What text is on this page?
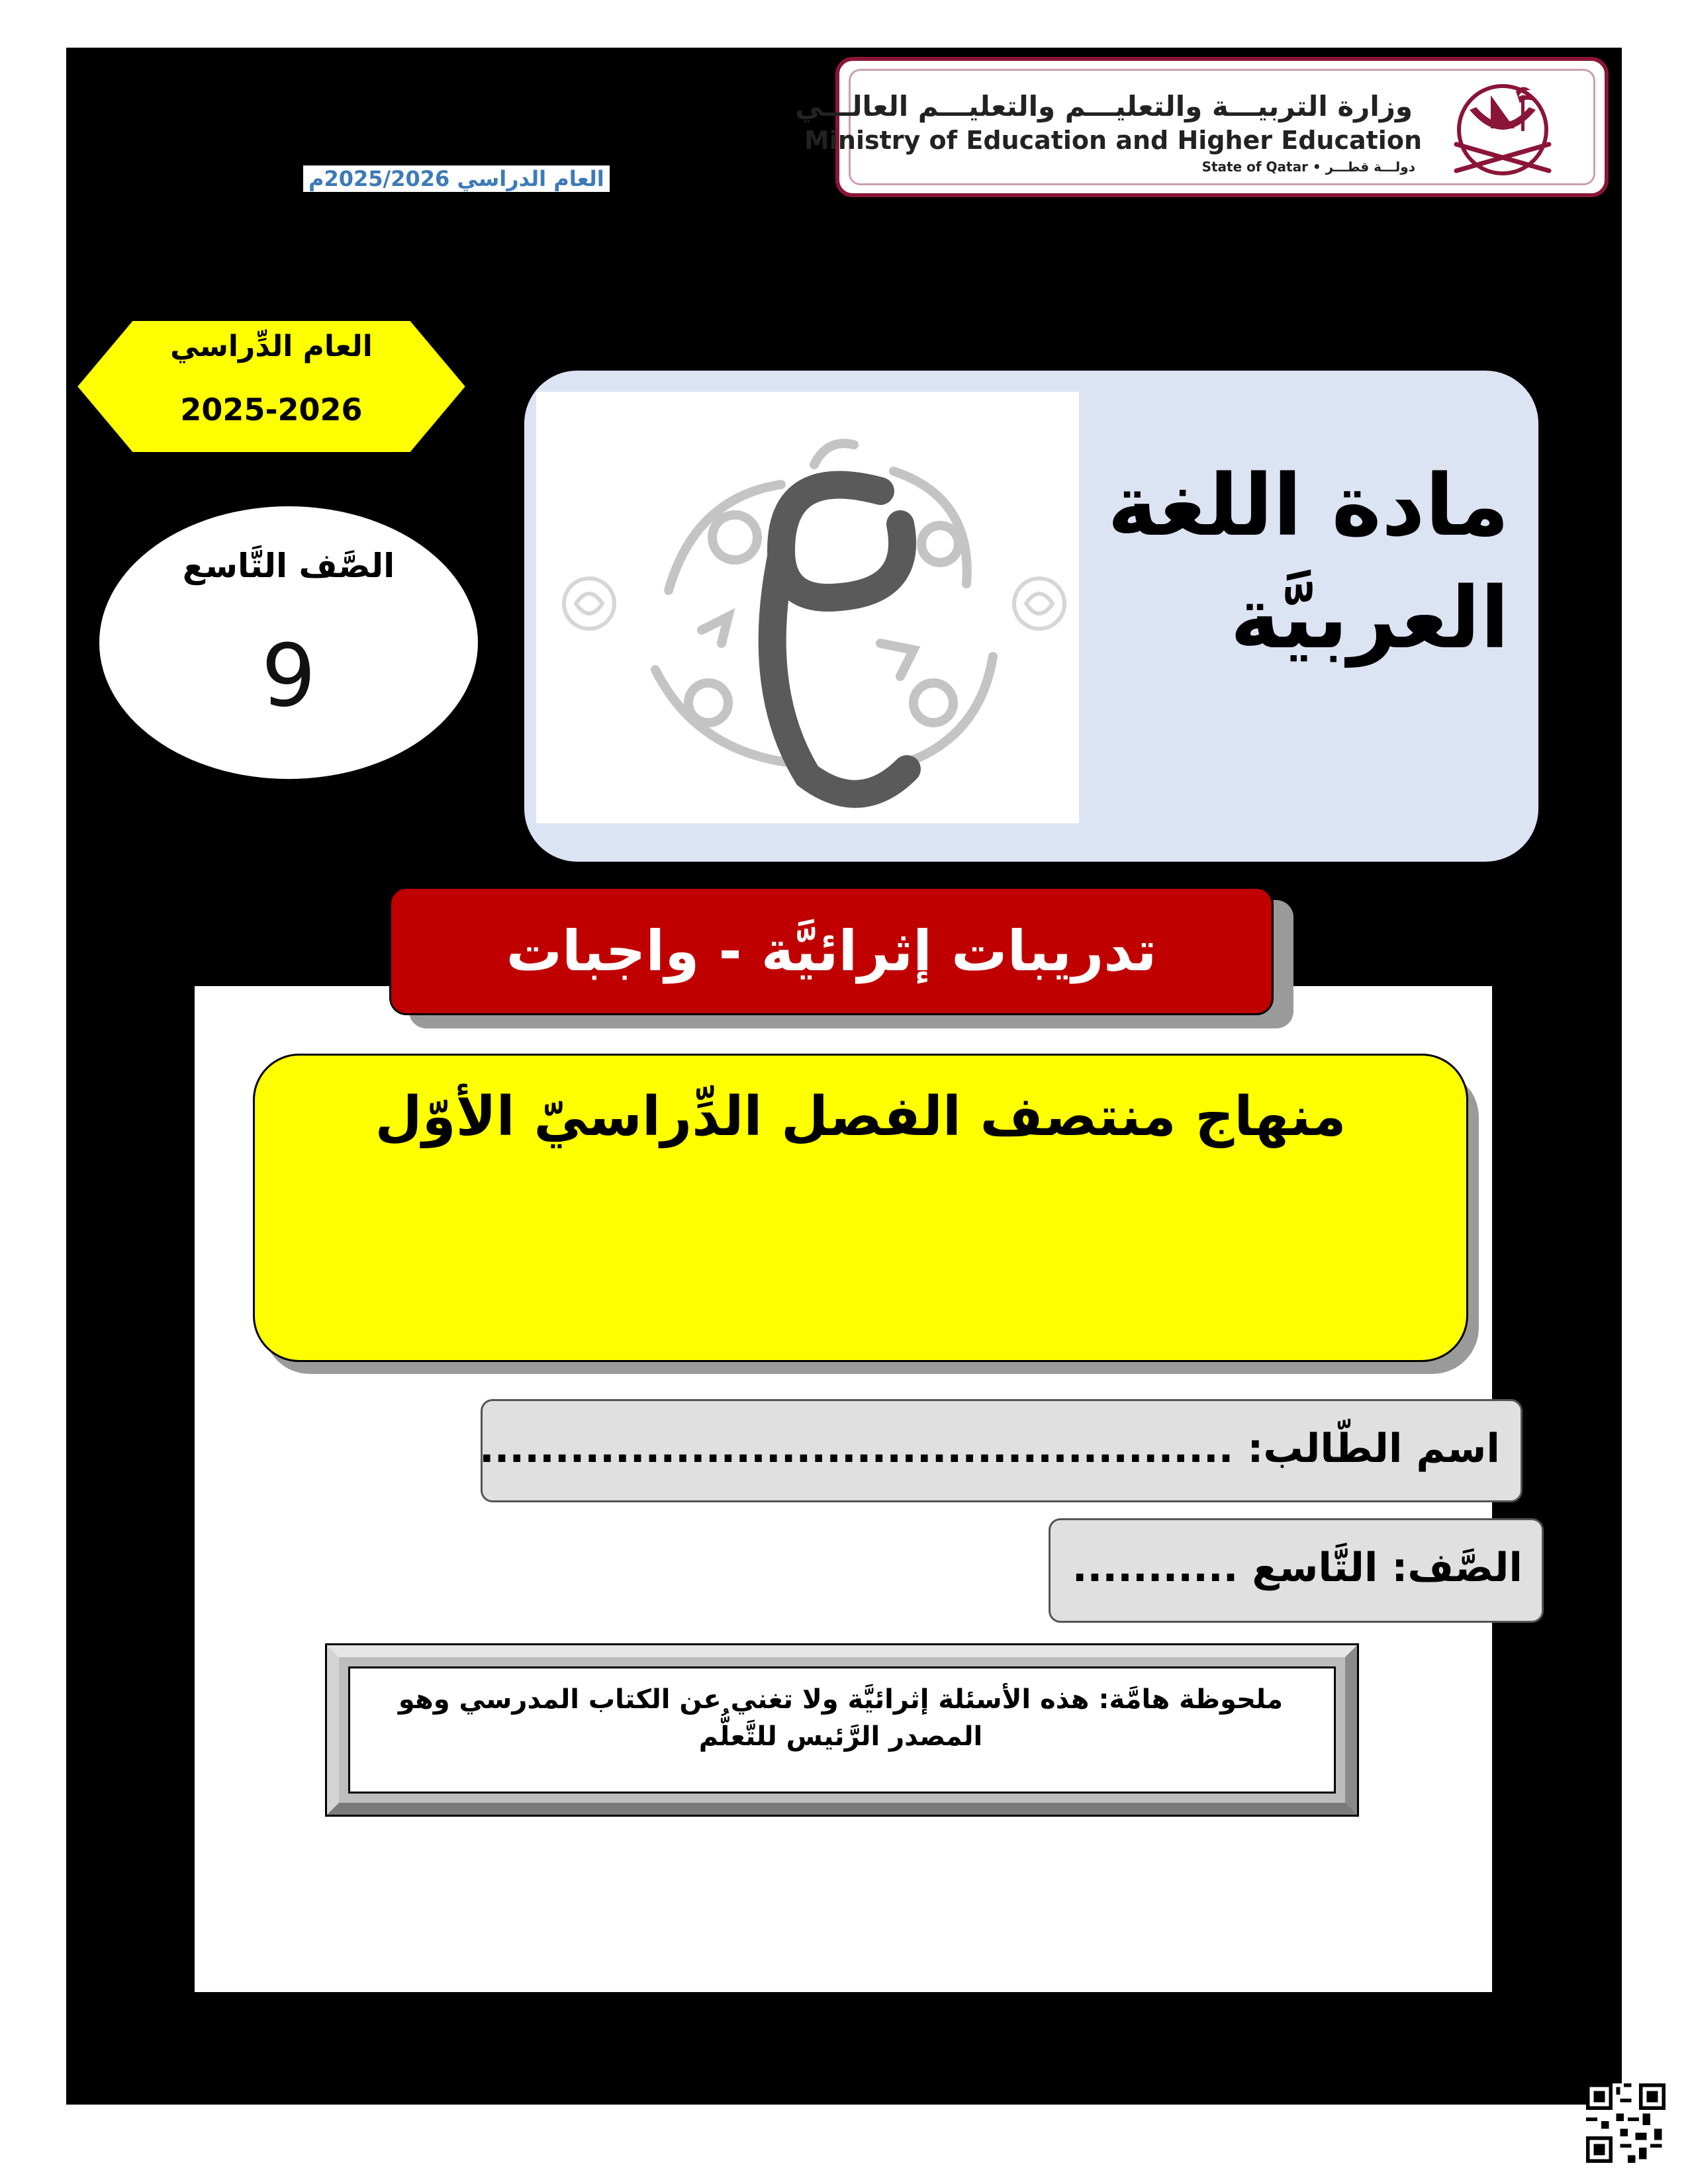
وزارة التربيـــة والتعليـــم والتعليـــم العالـــي
Ministry of Education and Higher Education
State of Qatar • دولـــة قطـــر
العام الدراسي 2025/2026م
العام الدِّراسي
2025-2026
الصَّف التَّاسع
9
مادة اللغة
العربيَّة
تدريبات إثرائيَّة - واجبات
منهاج منتصف الفصل الدِّراسيّ الأوّل
اسم الطّالب: ..................................................
الصَّف: التَّاسع ...........
ملحوظة هامَّة: هذه الأسئلة إثرائيَّة ولا تغني عن الكتاب المدرسي وهو
المصدر الرَّئيس للتَّعلُّم
